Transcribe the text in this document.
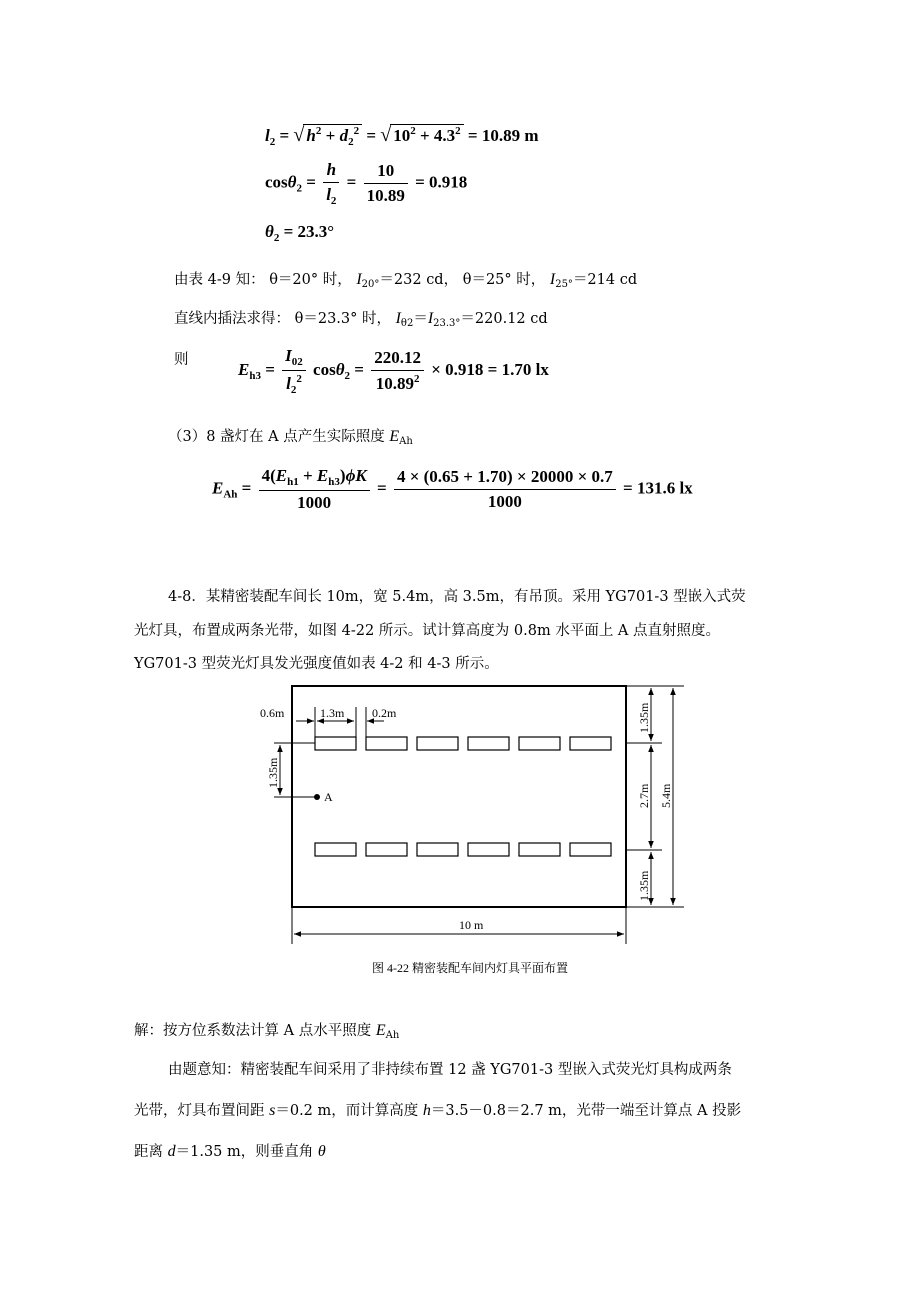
$l_2$ = √ $h^2 + d_2^2$ = √ $10^2 + 4.3^2 = 10.89$ m
$\cos\theta_2 = \frac{h}{l_2} = \frac{10}{10.89} = 0.918$
$\theta_2 = 23.3^\circ$
由表 4-9 知： θ＝20° 时， $I_{20^\circ}=232$ cd， θ＝25° 时， $I_{25^\circ}=214$ cd
直线内插法求得： θ＝23.3° 时， $I_{\theta 2}=I_{23.3^\circ}=220.12$ cd
则	$E_{h3} = \frac{I_{02}}{l_2^2} \cos\theta_2 = \frac{220.12}{10.89^2} \times 0.918 = 1.70$ lx
（3）8 盏灯在 A 点产生实际照度 $E_{Ah}$
$E_{Ah} = \frac{4(E_{h1} + E_{h3})\phi K}{1000} = \frac{4 \times (0.65 + 1.70) \times 20000 \times 0.7}{1000} = 131.6$ lx
4-8．某精密装配车间长 10m，宽 5.4m，高 3.5m，有吊顶。采用 YG701-3 型嵌入式荧
光灯具，布置成两条光带，如图 4-22 所示。试计算高度为 0.8m 水平面上 A 点直射照度。
YG701-3 型荧光灯具发光强度值如表 4-2 和 4-3 所示。
0.6m	1.3m 0.2m
1.35m
A
1.35m
2.7m
1.35m
5.4m
10 m
图 4-22 精密装配车间内灯具平面布置
解：按方位系数法计算 A 点水平照度 $E_{Ah}$
由题意知：精密装配车间采用了非持续布置 12 盏 YG701-3 型嵌入式荧光灯具构成两条
光带，灯具布置间距 s＝0.2 m，而计算高度 h＝3.5－0.8＝2.7 m，光带一端至计算点 A 投影
距离 d＝1.35 m，则垂直角 θ
